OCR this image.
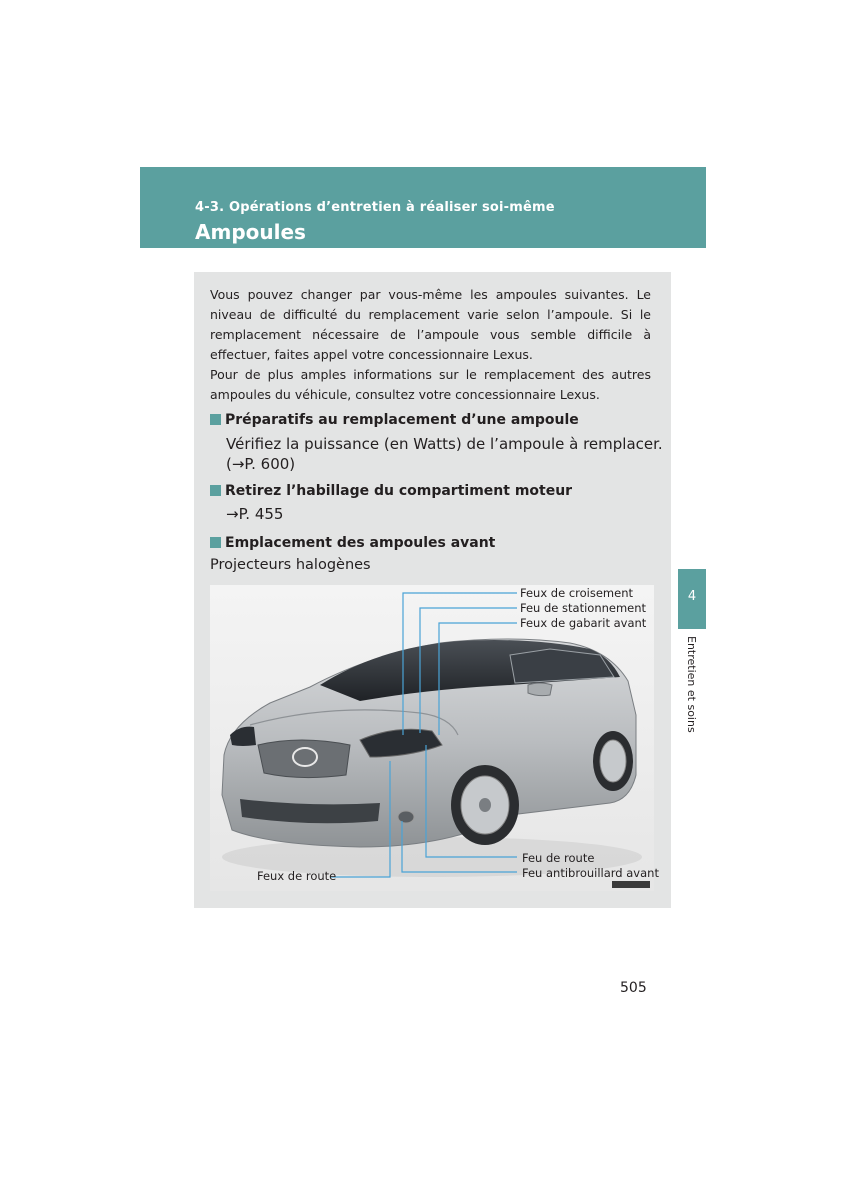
4-3. Opérations d’entretien à réaliser soi-même
Ampoules

Vous pouvez changer par vous-même les ampoules suivantes. Le niveau de difficulté du remplacement varie selon l’ampoule. Si le remplacement nécessaire de l’ampoule vous semble difficile à effectuer, faites appel votre concessionnaire Lexus.

Pour de plus amples informations sur le remplacement des autres ampoules du véhicule, consultez votre concessionnaire Lexus.

Préparatifs au remplacement d’une ampoule
Vérifiez la puissance (en Watts) de l’ampoule à remplacer.
(→P. 600)
Retirez l’habillage du compartiment moteur
→P. 455
Emplacement des ampoules avant
Projecteurs halogènes
Feux de croisement
Feu de stationnement
Feux de gabarit avant
Feux de route
Feu de route
Feu antibrouillard avant
4
Entretien et soins
505
